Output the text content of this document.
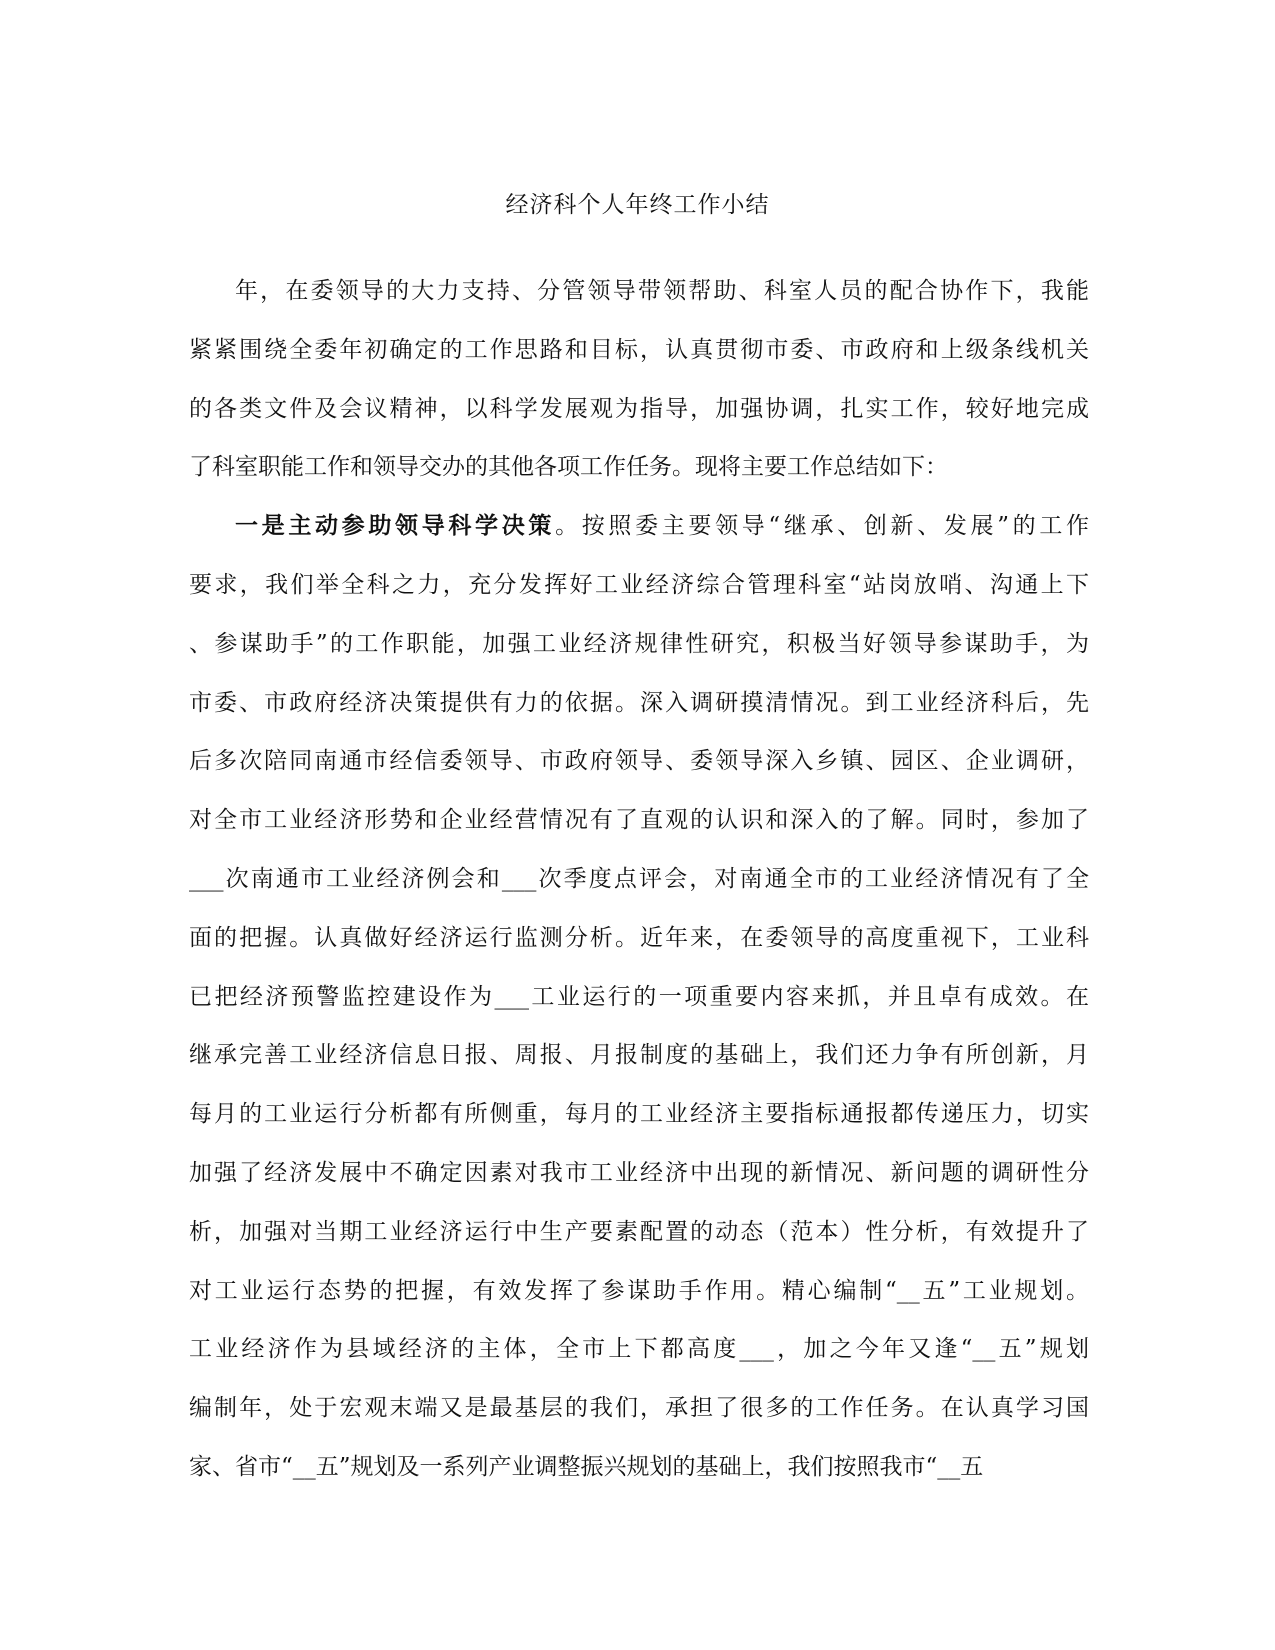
经济科个人年终工作小结

年，在委领导的大力支持、分管领导带领帮助、科室人员的配合协作下，我能

紧紧围绕全委年初确定的工作思路和目标，认真贯彻市委、市政府和上级条线机关
的各类文件及会议精神，以科学发展观为指导，加强协调，扎实工作，较好地完成
了科室职能工作和领导交办的其他各项工作任务。现将主要工作总结如下：

一是主动参助领导科学决策。按照委主要领导“继承、创新、发展”的工作

要求，我们举全科之力，充分发挥好工业经济综合管理科室“站岗放哨、沟通上下
、参谋助手”的工作职能，加强工业经济规律性研究，积极当好领导参谋助手，为
市委、市政府经济决策提供有力的依据。深入调研摸清情况。到工业经济科后，先
后多次陪同南通市经信委领导、市政府领导、委领导深入乡镇、园区、企业调研，
对全市工业经济形势和企业经营情况有了直观的认识和深入的了解。同时，参加了
___次南通市工业经济例会和___次季度点评会，对南通全市的工业经济情况有了全
面的把握。认真做好经济运行监测分析。近年来，在委领导的高度重视下，工业科
已把经济预警监控建设作为___工业运行的一项重要内容来抓，并且卓有成效。在
继承完善工业经济信息日报、周报、月报制度的基础上，我们还力争有所创新，月
每月的工业运行分析都有所侧重，每月的工业经济主要指标通报都传递压力，切实
加强了经济发展中不确定因素对我市工业经济中出现的新情况、新问题的调研性分
析，加强对当期工业经济运行中生产要素配置的动态（范本）性分析，有效提升了
对工业运行态势的把握，有效发挥了参谋助手作用。精心编制“__五”工业规划。
工业经济作为县域经济的主体，全市上下都高度___，加之今年又逢“__五”规划
编制年，处于宏观末端又是最基层的我们，承担了很多的工作任务。在认真学习国
家、省市“__五”规划及一系列产业调整振兴规划的基础上，我们按照我市“__五
